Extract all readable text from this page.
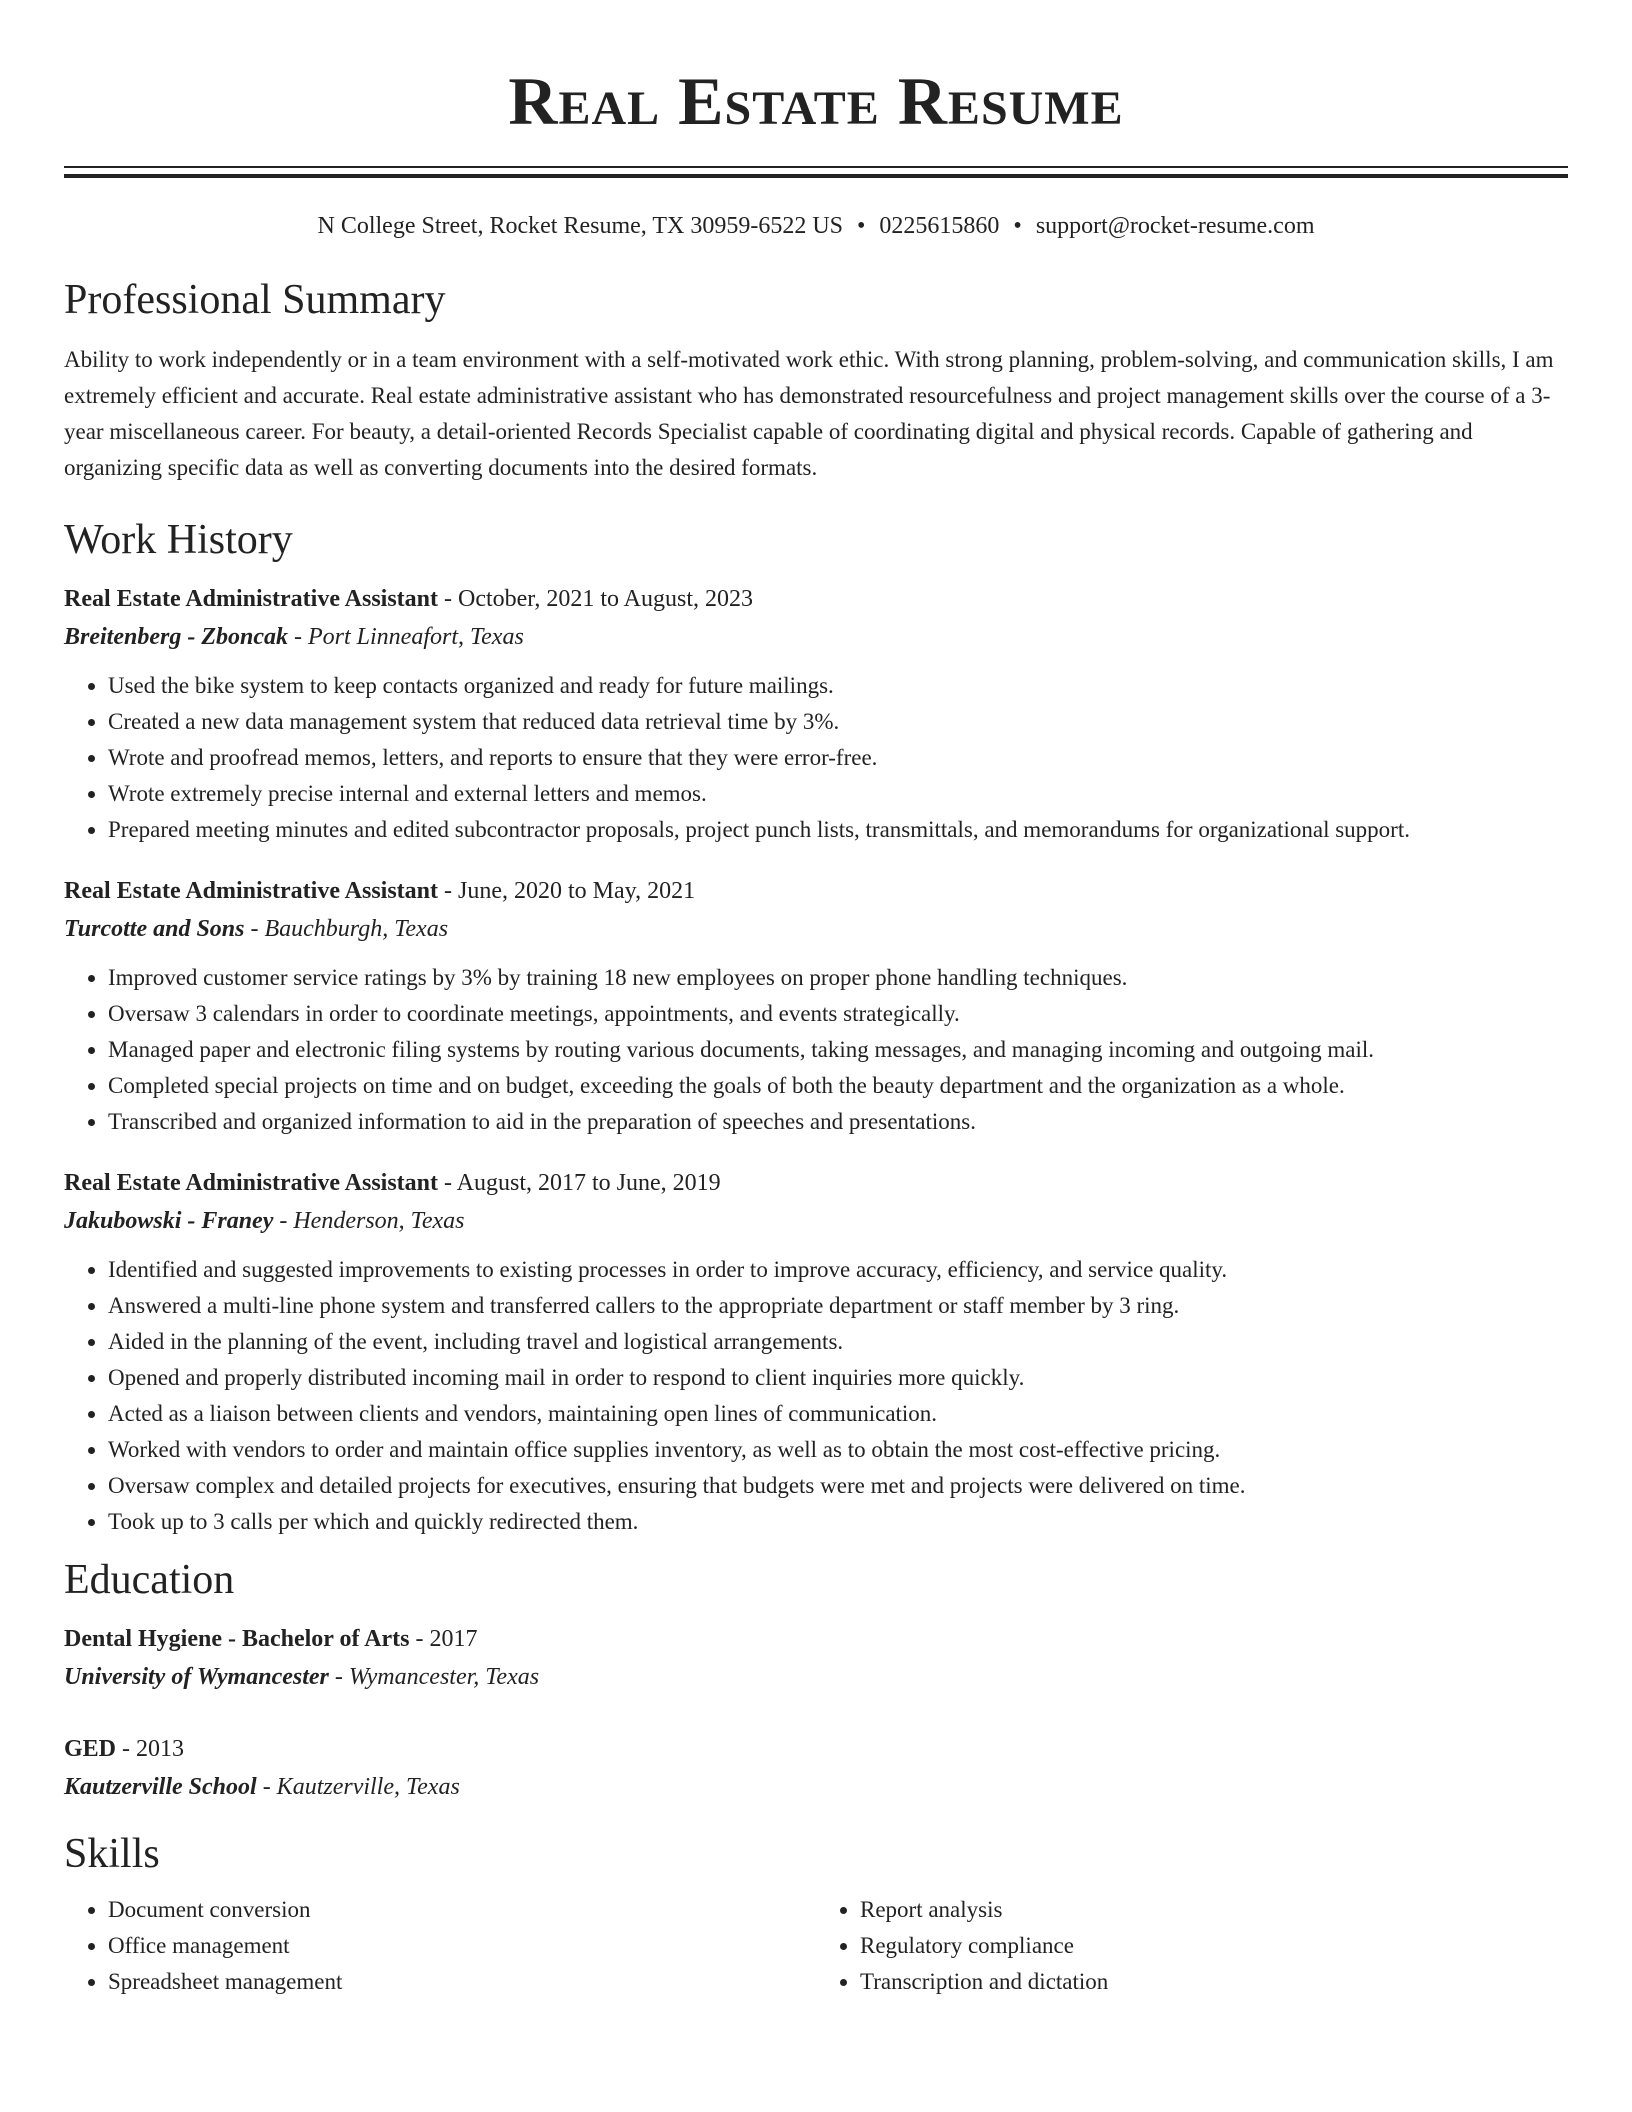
Real Estate Resume
N College Street, Rocket Resume, TX 30959-6522 US • 0225615860 • support@rocket-resume.com
Professional Summary

Ability to work independently or in a team environment with a self-motivated work ethic. With strong planning, problem-solving, and communication skills, I am extremely efficient and accurate. Real estate administrative assistant who has demonstrated resourcefulness and project management skills over the course of a 3-year miscellaneous career. For beauty, a detail-oriented Records Specialist capable of coordinating digital and physical records. Capable of gathering and organizing specific data as well as converting documents into the desired formats.

Work History
Real Estate Administrative Assistant - October, 2021 to August, 2023
Breitenberg - Zboncak - Port Linneafort, Texas
• Used the bike system to keep contacts organized and ready for future mailings.
• Created a new data management system that reduced data retrieval time by 3%.
• Wrote and proofread memos, letters, and reports to ensure that they were error-free.
• Wrote extremely precise internal and external letters and memos.
• Prepared meeting minutes and edited subcontractor proposals, project punch lists, transmittals, and memorandums for organizational support.
Real Estate Administrative Assistant - June, 2020 to May, 2021
Turcotte and Sons - Bauchburgh, Texas
• Improved customer service ratings by 3% by training 18 new employees on proper phone handling techniques.
• Oversaw 3 calendars in order to coordinate meetings, appointments, and events strategically.
• Managed paper and electronic filing systems by routing various documents, taking messages, and managing incoming and outgoing mail.
• Completed special projects on time and on budget, exceeding the goals of both the beauty department and the organization as a whole.
• Transcribed and organized information to aid in the preparation of speeches and presentations.
Real Estate Administrative Assistant - August, 2017 to June, 2019
Jakubowski - Franey - Henderson, Texas
• Identified and suggested improvements to existing processes in order to improve accuracy, efficiency, and service quality.
• Answered a multi-line phone system and transferred callers to the appropriate department or staff member by 3 ring.
• Aided in the planning of the event, including travel and logistical arrangements.
• Opened and properly distributed incoming mail in order to respond to client inquiries more quickly.
• Acted as a liaison between clients and vendors, maintaining open lines of communication.
• Worked with vendors to order and maintain office supplies inventory, as well as to obtain the most cost-effective pricing.
• Oversaw complex and detailed projects for executives, ensuring that budgets were met and projects were delivered on time.
• Took up to 3 calls per which and quickly redirected them.
Education
Dental Hygiene - Bachelor of Arts - 2017
University of Wymancester - Wymancester, Texas
GED - 2013
Kautzerville School - Kautzerville, Texas
Skills
• Document conversion
• Office management
• Spreadsheet management
• Report analysis
• Regulatory compliance
• Transcription and dictation
